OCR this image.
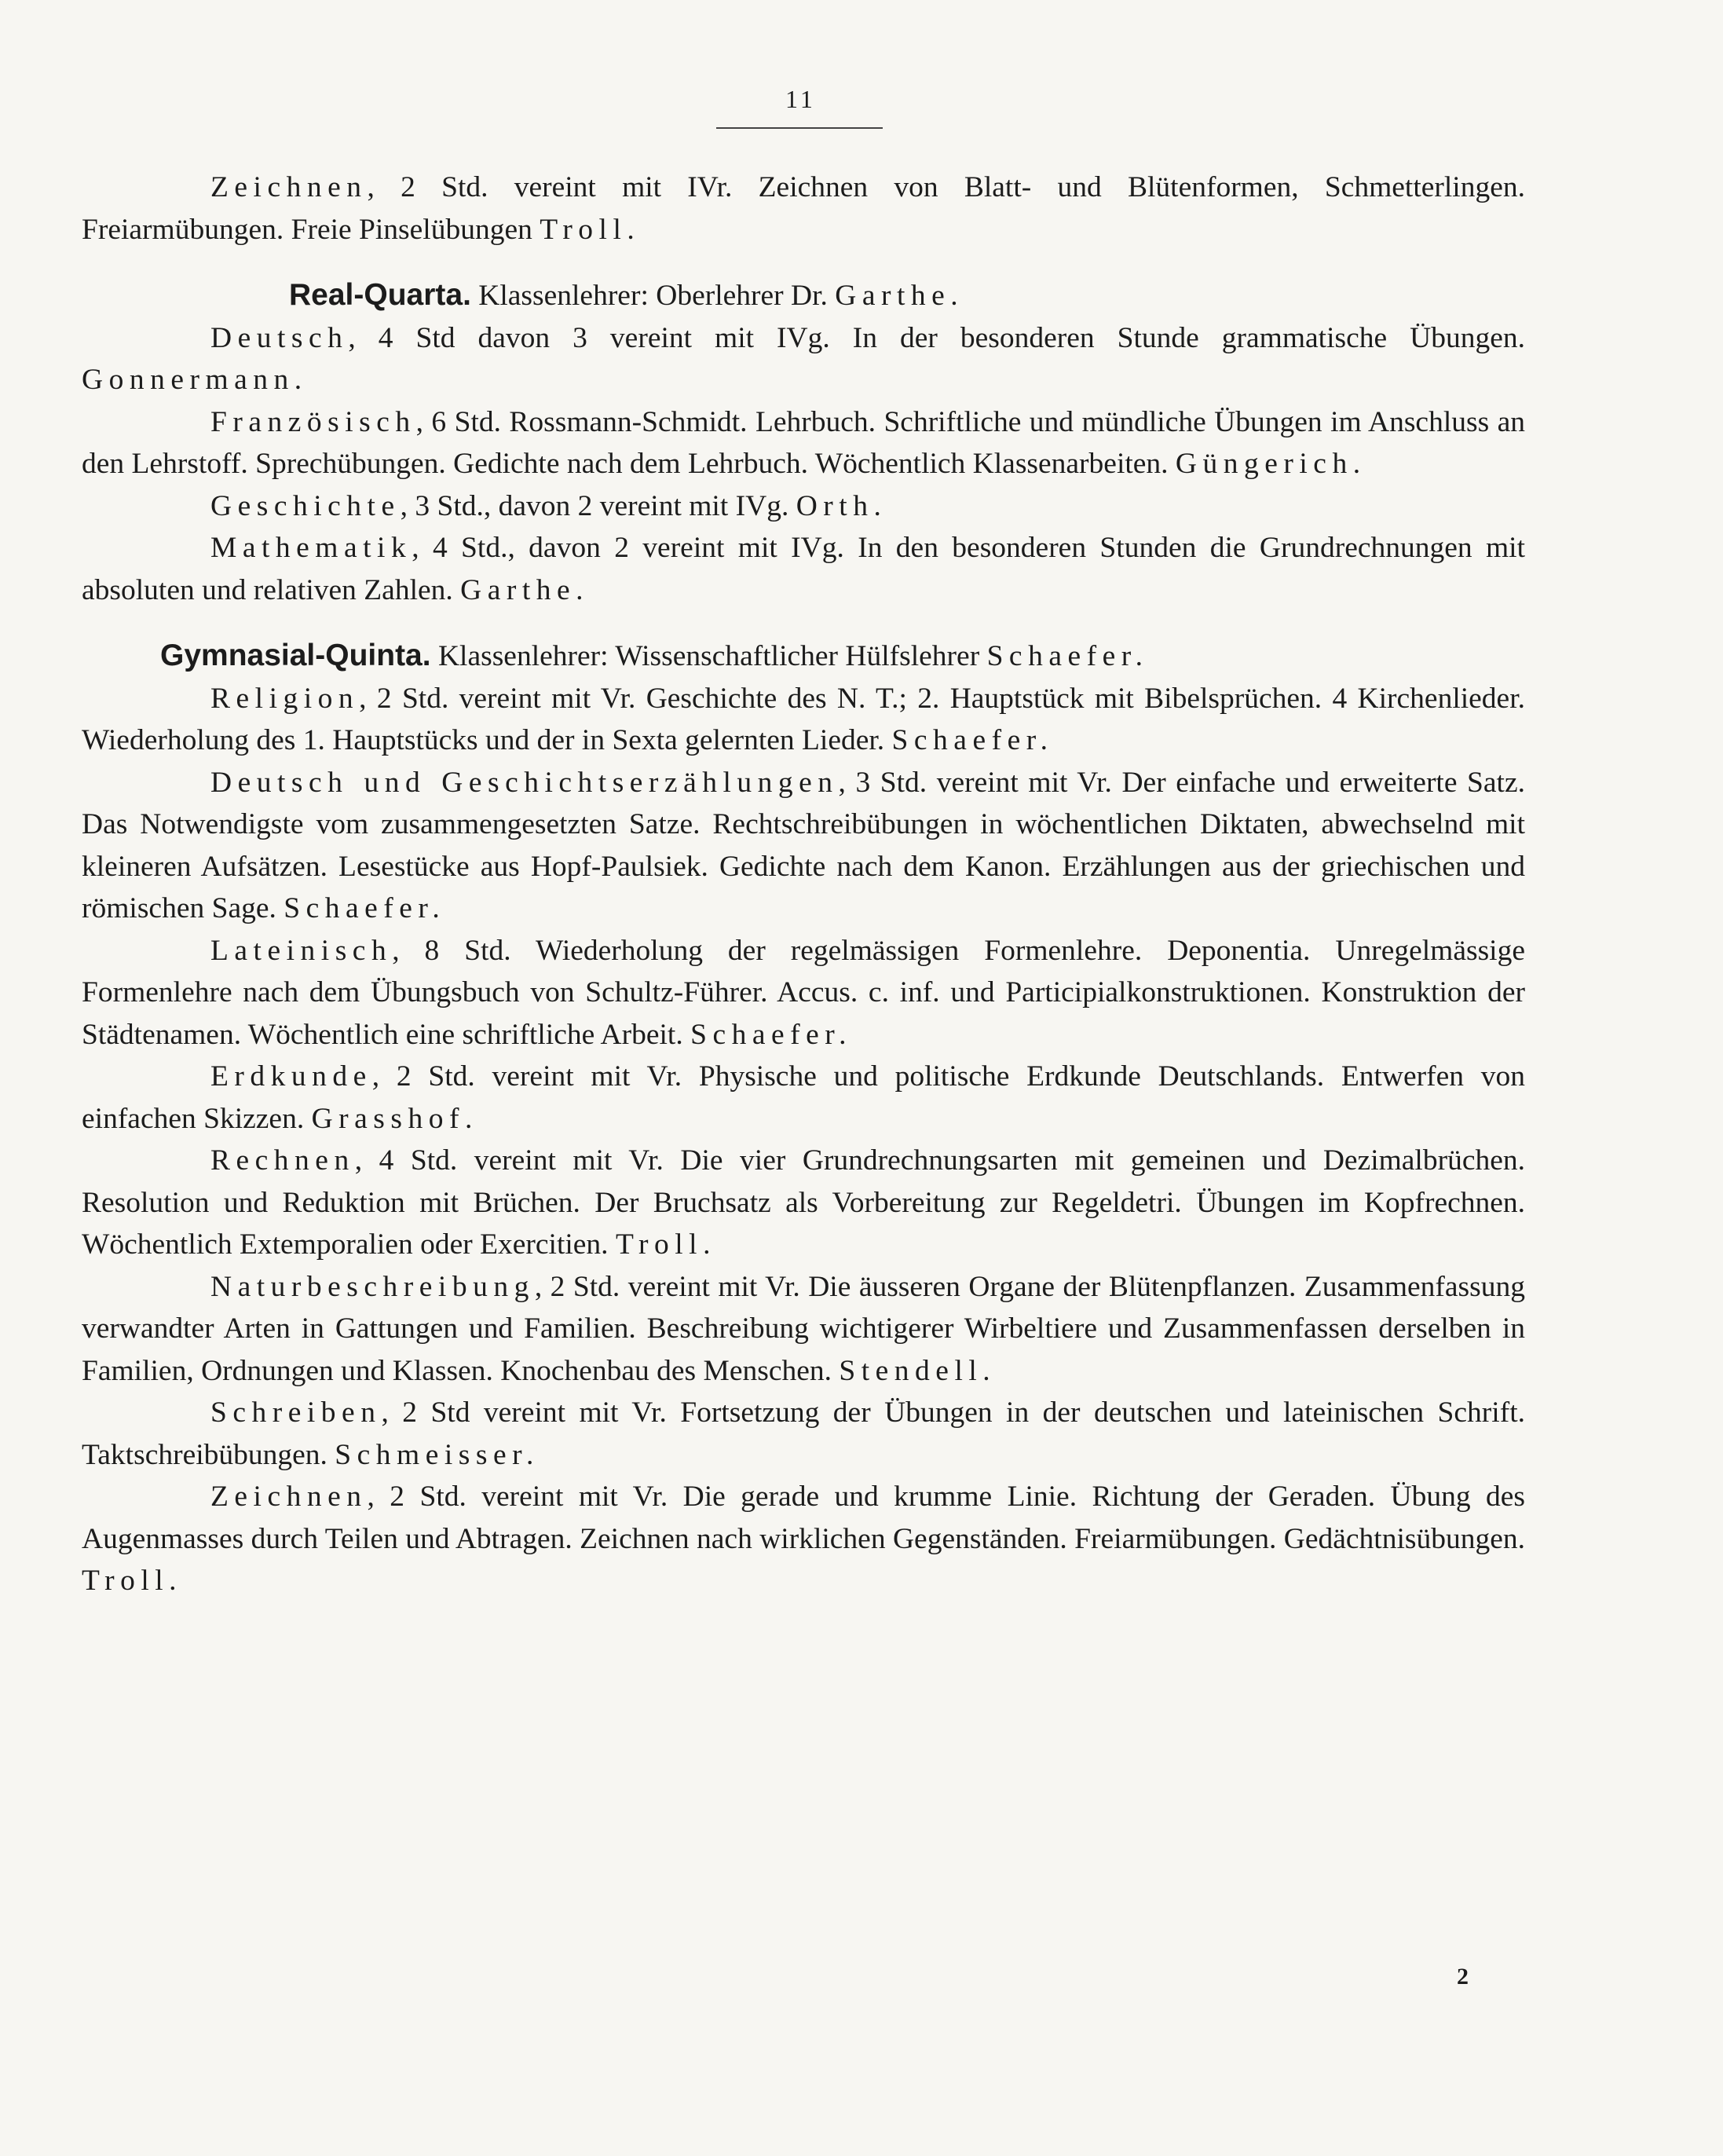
11

Zeichnen, 2 Std. vereint mit IVr. Zeichnen von Blatt- und Blütenformen, Schmetterlingen. Freiarmübungen. Freie Pinselübungen Troll.

Real-Quarta. Klassenlehrer: Oberlehrer Dr. Garthe.

Deutsch, 4 Std davon 3 vereint mit IVg. In der besonderen Stunde grammatische Übungen. Gonnermann.

Französisch, 6 Std. Rossmann-Schmidt. Lehrbuch. Schriftliche und mündliche Übungen im Anschluss an den Lehrstoff. Sprechübungen. Gedichte nach dem Lehrbuch. Wöchentlich Klassenarbeiten. Güngerich.

Geschichte, 3 Std., davon 2 vereint mit IVg. Orth.

Mathematik, 4 Std., davon 2 vereint mit IVg. In den besonderen Stunden die Grundrechnungen mit absoluten und relativen Zahlen. Garthe.

Gymnasial-Quinta. Klassenlehrer: Wissenschaftlicher Hülfslehrer Schaefer.

Religion, 2 Std. vereint mit Vr. Geschichte des N. T.; 2. Hauptstück mit Bibelsprüchen. 4 Kirchenlieder. Wiederholung des 1. Hauptstücks und der in Sexta gelernten Lieder. Schaefer.

Deutsch und Geschichtserzählungen, 3 Std. vereint mit Vr. Der einfache und erweiterte Satz. Das Notwendigste vom zusammengesetzten Satze. Rechtschreibübungen in wöchentlichen Diktaten, abwechselnd mit kleineren Aufsätzen. Lesestücke aus Hopf-Paulsiek. Gedichte nach dem Kanon. Erzählungen aus der griechischen und römischen Sage. Schaefer.

Lateinisch, 8 Std. Wiederholung der regelmässigen Formenlehre. Deponentia. Unregelmässige Formenlehre nach dem Übungsbuch von Schultz-Führer. Accus. c. inf. und Participialkonstruktionen. Konstruktion der Städtenamen. Wöchentlich eine schriftliche Arbeit. Schaefer.

Erdkunde, 2 Std. vereint mit Vr. Physische und politische Erdkunde Deutschlands. Entwerfen von einfachen Skizzen. Grasshof.

Rechnen, 4 Std. vereint mit Vr. Die vier Grundrechnungsarten mit gemeinen und Dezimalbrüchen. Resolution und Reduktion mit Brüchen. Der Bruchsatz als Vorbereitung zur Regeldetri. Übungen im Kopfrechnen. Wöchentlich Extemporalien oder Exercitien. Troll.

Naturbeschreibung, 2 Std. vereint mit Vr. Die äusseren Organe der Blütenpflanzen. Zusammenfassung verwandter Arten in Gattungen und Familien. Beschreibung wichtigerer Wirbeltiere und Zusammenfassen derselben in Familien, Ordnungen und Klassen. Knochenbau des Menschen. Stendell.

Schreiben, 2 Std vereint mit Vr. Fortsetzung der Übungen in der deutschen und lateinischen Schrift. Taktschreibübungen. Schmeisser.

Zeichnen, 2 Std. vereint mit Vr. Die gerade und krumme Linie. Richtung der Geraden. Übung des Augenmasses durch Teilen und Abtragen. Zeichnen nach wirklichen Gegenständen. Freiarmübungen. Gedächtnisübungen. Troll.

2
